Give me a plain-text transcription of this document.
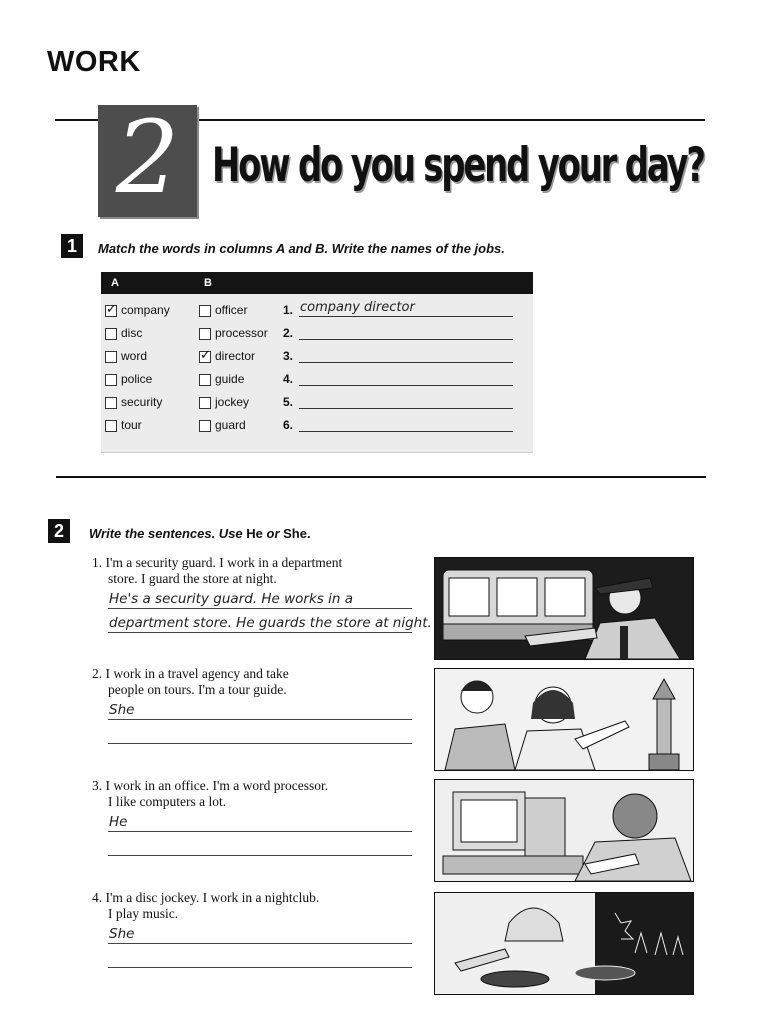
WORK
2 How do you spend your day?
1	Match the words in columns A and B. Write the names of the jobs.
A	B
✓
company	officer	1. company director
disc	processor 2.
word
✓	director 3.
police	guide	4.
security	jockey	5.
tour	guard	6.
2	Write the sentences. Use He or She.
1. I'm a security guard. I work in a department
store. I guard the store at night.
He's a security guard. He works in a
department store. He guards the store at night.
2. I work in a travel agency and take
people on tours. I'm a tour guide.
She
3. I work in an office. I'm a word processor.
I like computers a lot.
He
4. I'm a disc jockey. I work in a nightclub.
I play music.
She
